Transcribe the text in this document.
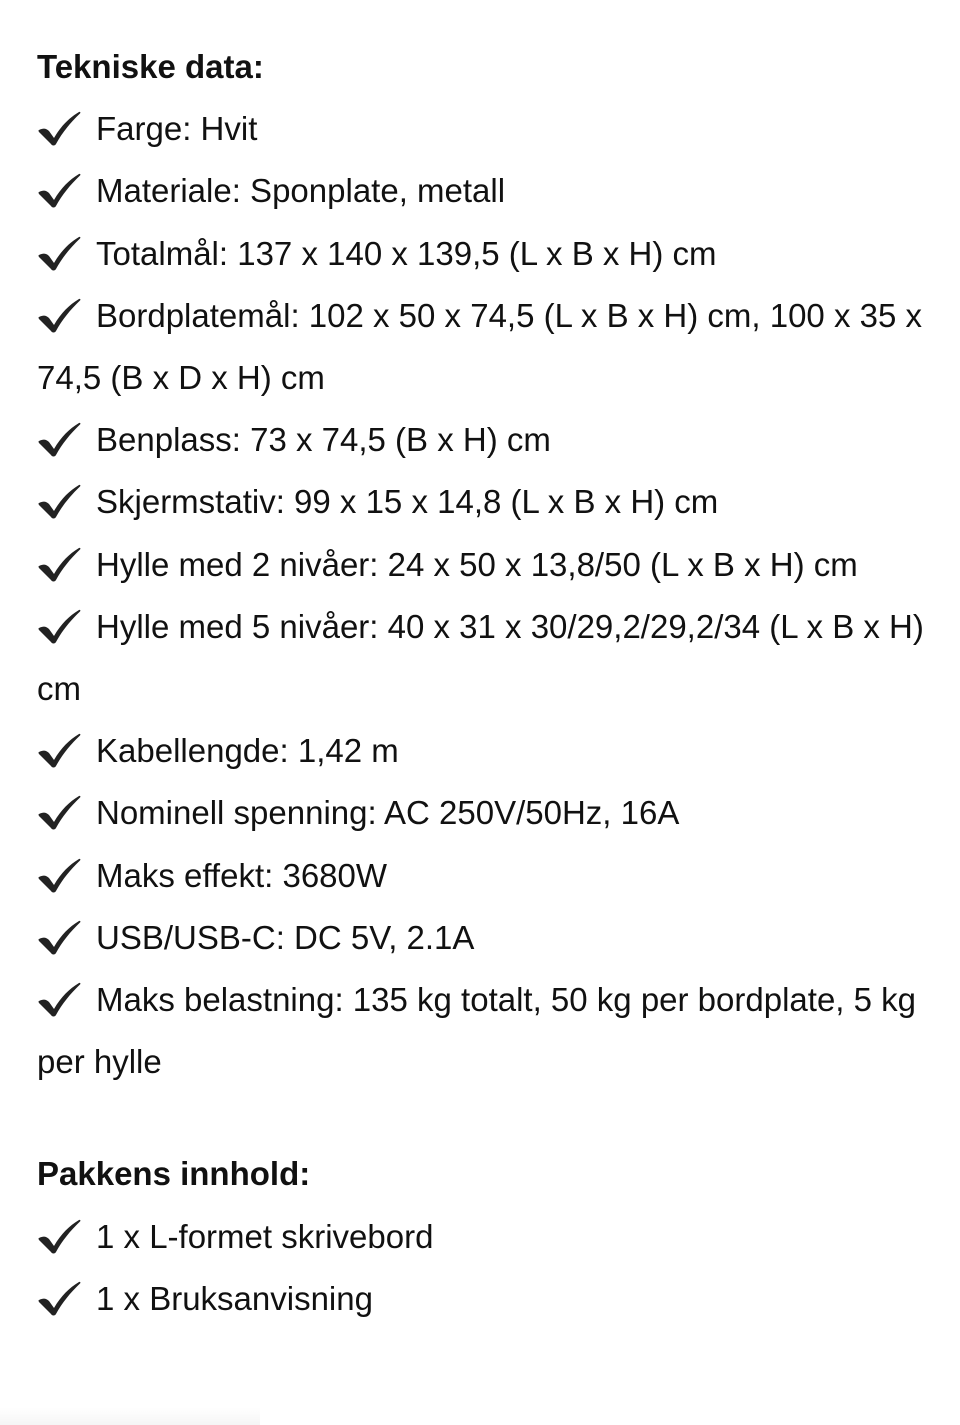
Tekniske data:

Farge: Hvit

Materiale: Sponplate, metall

Totalmål: 137 x 140 x 139,5 (L x B x H) cm

Bordplatemål: 102 x 50 x 74,5 (L x B x H) cm, 100 x 35 x 74,5 (B x D x H) cm

Benplass: 73 x 74,5 (B x H) cm

Skjermstativ: 99 x 15 x 14,8 (L x B x H) cm

Hylle med 2 nivåer: 24 x 50 x 13,8/50 (L x B x H) cm

Hylle med 5 nivåer: 40 x 31 x 30/29,2/29,2/34 (L x B x H) cm

Kabellengde: 1,42 m

Nominell spenning: AC 250V/50Hz, 16A

Maks effekt: 3680W

USB/USB-C: DC 5V, 2.1A

Maks belastning: 135 kg totalt, 50 kg per bordplate, 5 kg per hylle

Pakkens innhold:

1 x L-formet skrivebord

1 x Bruksanvisning
